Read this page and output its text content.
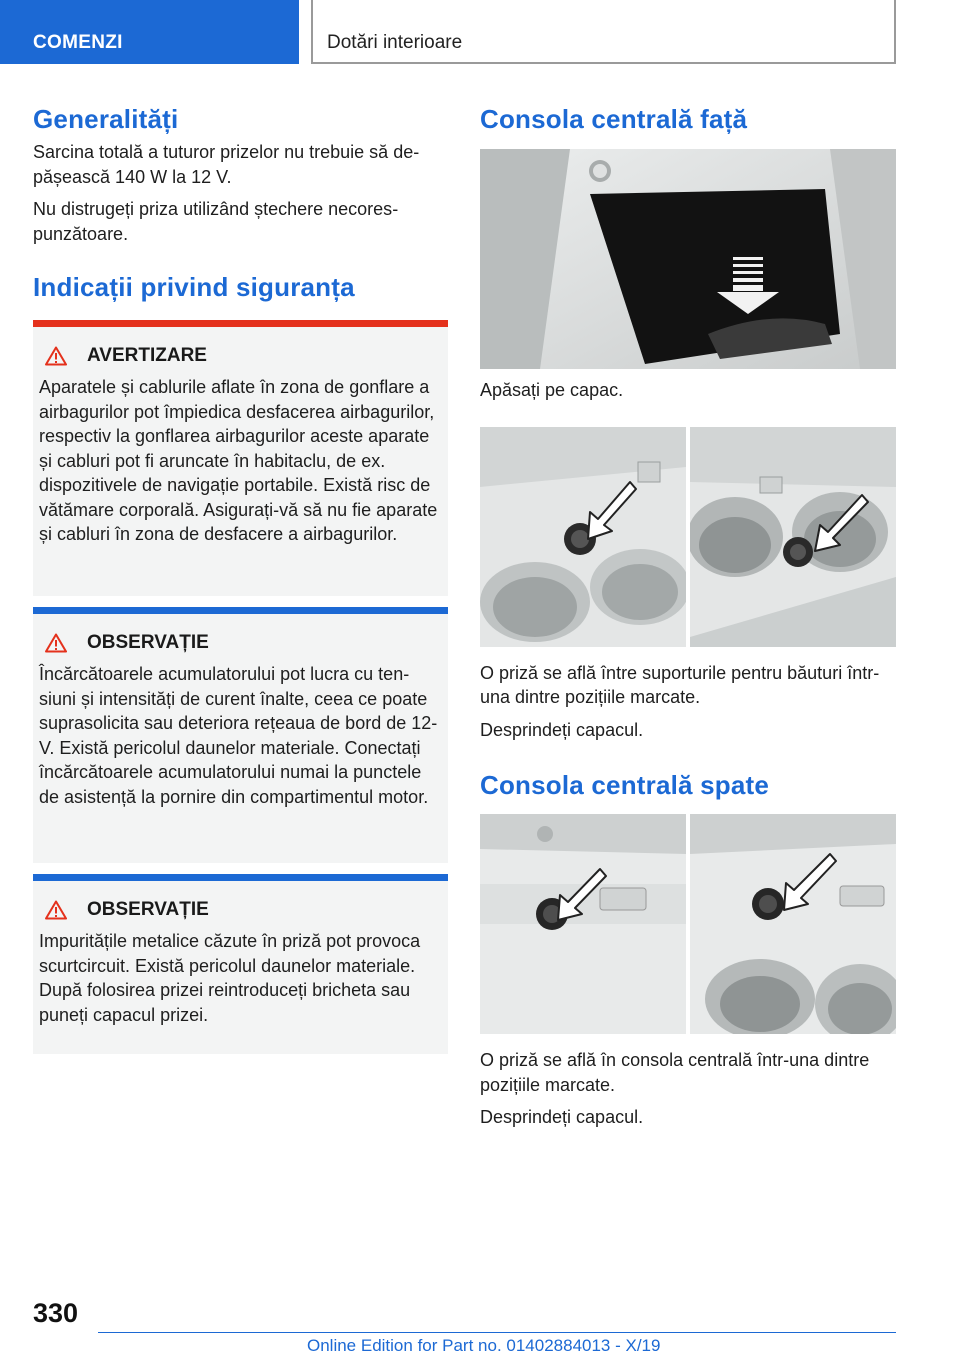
COMENZI	Dotări interioare
Generalități

Sarcina totală a tuturor prizelor nu trebuie să depășească 140 W la 12 V.

Nu distrugeți priza utilizând ștechere necorespunzătoare.

Indicații privind siguranța
AVERTIZARE

Aparatele și cablurile aflate în zona de gonflare a airbagurilor pot împiedica desfacerea airbagurilor, respectiv la gonflarea airbagurilor aceste aparate și cabluri pot fi aruncate în habitaclu, de ex. dispozitivele de navigație portabile. Există risc de vătămare corporală. Asigurați-vă să nu fie aparate și cabluri în zona de desfacere a airbagurilor.

OBSERVAȚIE

Încărcătoarele acumulatorului pot lucra cu tensiuni și intensități de curent înalte, ceea ce poate suprasolicita sau deteriora rețeaua de bord de 12-V. Există pericolul daunelor materiale. Conectați încărcătoarele acumulatorului numai la punctele de asistență la pornire din compartimentul motor.

OBSERVAȚIE

Impuritățile metalice căzute în priză pot provoca scurtcircuit. Există pericolul daunelor materiale. După folosirea prizei reintroduceți bricheta sau puneți capacul prizei.

Consola centrală față

Apăsați pe capac.

O priză se află între suporturile pentru băuturi într-una dintre pozițiile marcate.

Desprindeți capacul.

Consola centrală spate

O priză se află în consola centrală într-una dintre pozițiile marcate.

Desprindeți capacul.

330
Online Edition for Part no. 01402884013 - X/19
